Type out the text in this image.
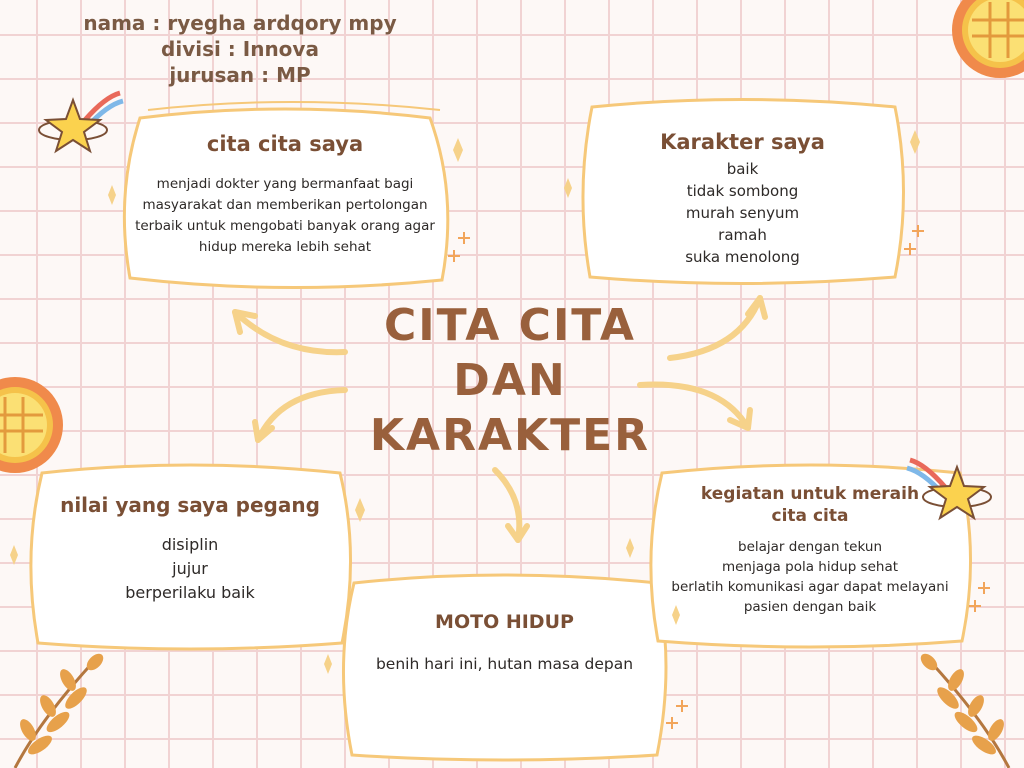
nama : ryegha ardqory mpy
divisi : Innova
jurusan : MP
cita cita saya
menjadi dokter yang bermanfaat bagi
masyarakat dan memberikan pertolongan
terbaik untuk mengobati banyak orang agar
hidup mereka lebih sehat
Karakter saya
baik
tidak sombong
murah senyum
ramah
suka menolong
nilai yang saya pegang
disiplin
jujur
berperilaku baik
MOTO HIDUP
benih hari ini, hutan masa depan
kegiatan untuk meraih
cita cita
belajar dengan tekun
menjaga pola hidup sehat
berlatih komunikasi agar dapat melayani
pasien dengan baik
CITA CITA
DAN
KARAKTER
